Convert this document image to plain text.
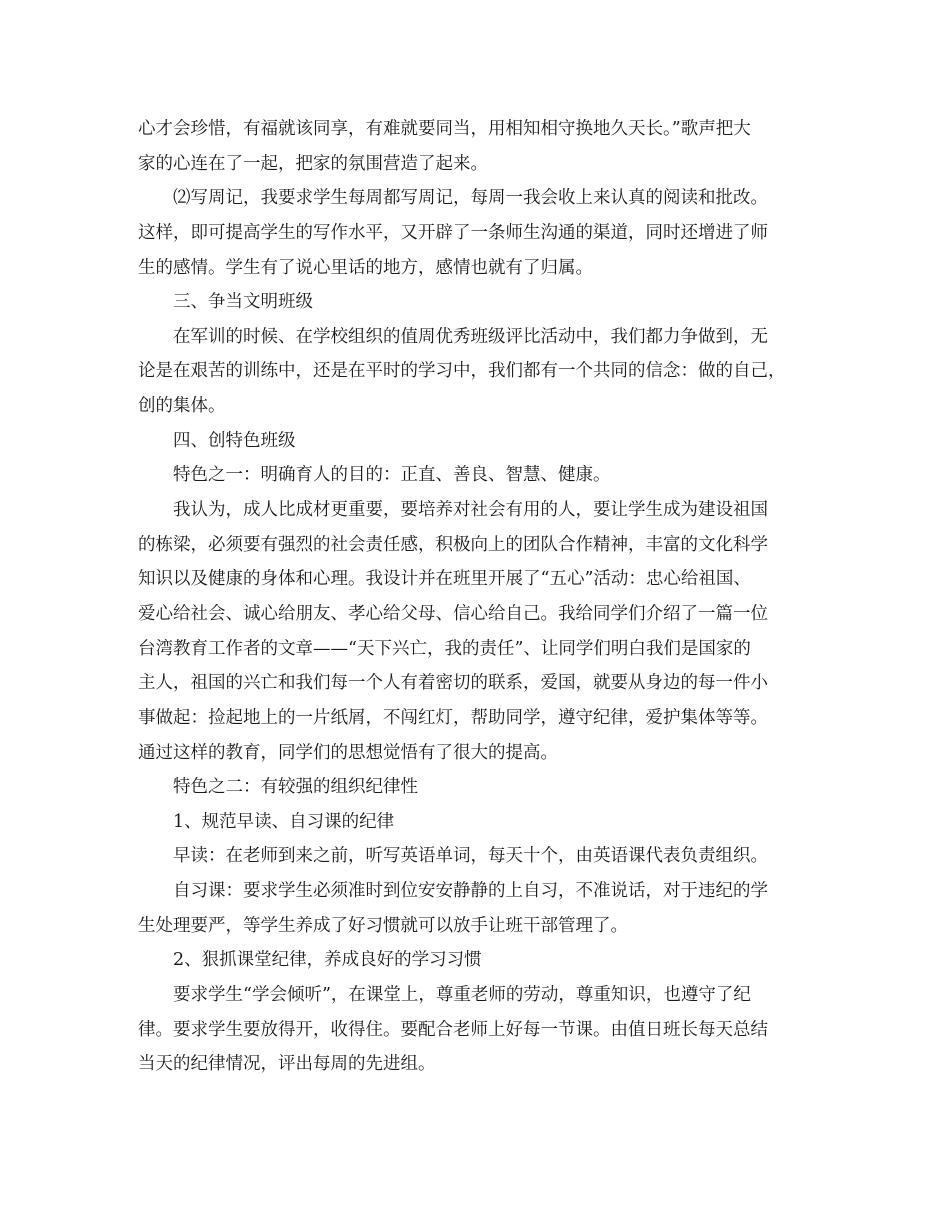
心才会珍惜，有福就该同享，有难就要同当，用相知相守换地久天长。”歌声把大
家的心连在了一起，把家的氛围营造了起来。
⑵写周记，我要求学生每周都写周记，每周一我会收上来认真的阅读和批改。
这样，即可提高学生的写作水平，又开辟了一条师生沟通的渠道，同时还增进了师
生的感情。学生有了说心里话的地方，感情也就有了归属。
三、争当文明班级
在军训的时候、在学校组织的值周优秀班级评比活动中，我们都力争做到，无
论是在艰苦的训练中，还是在平时的学习中，我们都有一个共同的信念：做的自己，
创的集体。
四、创特色班级
特色之一：明确育人的目的：正直、善良、智慧、健康。
我认为，成人比成材更重要，要培养对社会有用的人，要让学生成为建设祖国
的栋梁，必须要有强烈的社会责任感，积极向上的团队合作精神，丰富的文化科学
知识以及健康的身体和心理。我设计并在班里开展了“五心”活动：忠心给祖国、
爱心给社会、诚心给朋友、孝心给父母、信心给自己。我给同学们介绍了一篇一位
台湾教育工作者的文章——“天下兴亡，我的责任”、让同学们明白我们是国家的
主人，祖国的兴亡和我们每一个人有着密切的联系，爱国，就要从身边的每一件小
事做起：捡起地上的一片纸屑，不闯红灯，帮助同学，遵守纪律，爱护集体等等。
通过这样的教育，同学们的思想觉悟有了很大的提高。
特色之二：有较强的组织纪律性
1、规范早读、自习课的纪律
早读：在老师到来之前，听写英语单词，每天十个，由英语课代表负责组织。
自习课：要求学生必须准时到位安安静静的上自习，不准说话，对于违纪的学
生处理要严，等学生养成了好习惯就可以放手让班干部管理了。
2、狠抓课堂纪律，养成良好的学习习惯
要求学生“学会倾听”，在课堂上，尊重老师的劳动，尊重知识，也遵守了纪
律。要求学生要放得开，收得住。要配合老师上好每一节课。由值日班长每天总结
当天的纪律情况，评出每周的先进组。
